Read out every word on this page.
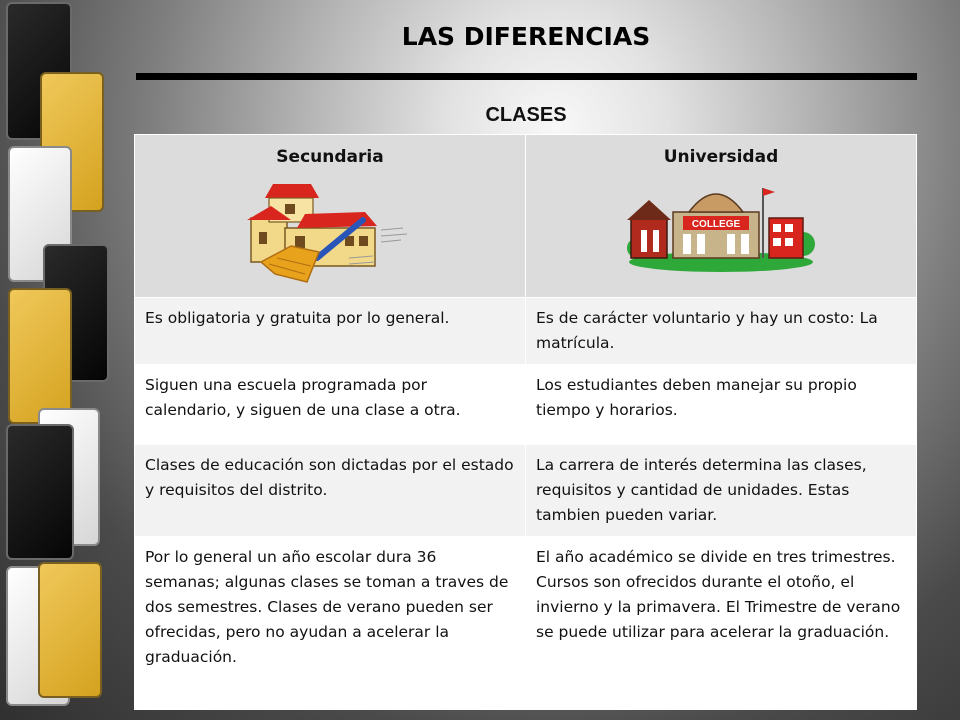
LAS DIFERENCIAS
CLASES
Secundaria	Universidad
COLLEGE

Es obligatoria y gratuita por lo general.	Es de carácter voluntario y hay un costo: La matrícula.
Siguen una escuela programada por calendario, y siguen de una clase a otra.	Los estudiantes deben manejar su propio tiempo y horarios.
Clases de educación son dictadas por el estado y requisitos del distrito.	La carrera de interés determina las clases, requisitos y cantidad de unidades. Estas tambien pueden variar.
Por lo general un año escolar dura 36 semanas; algunas clases se toman a traves de dos semestres. Clases de verano pueden ser ofrecidas, pero no ayudan a acelerar la graduación.	El año académico se divide en tres trimestres. Cursos son ofrecidos durante el otoño, el invierno y la primavera. El Trimestre de verano se puede utilizar para acelerar la graduación.
